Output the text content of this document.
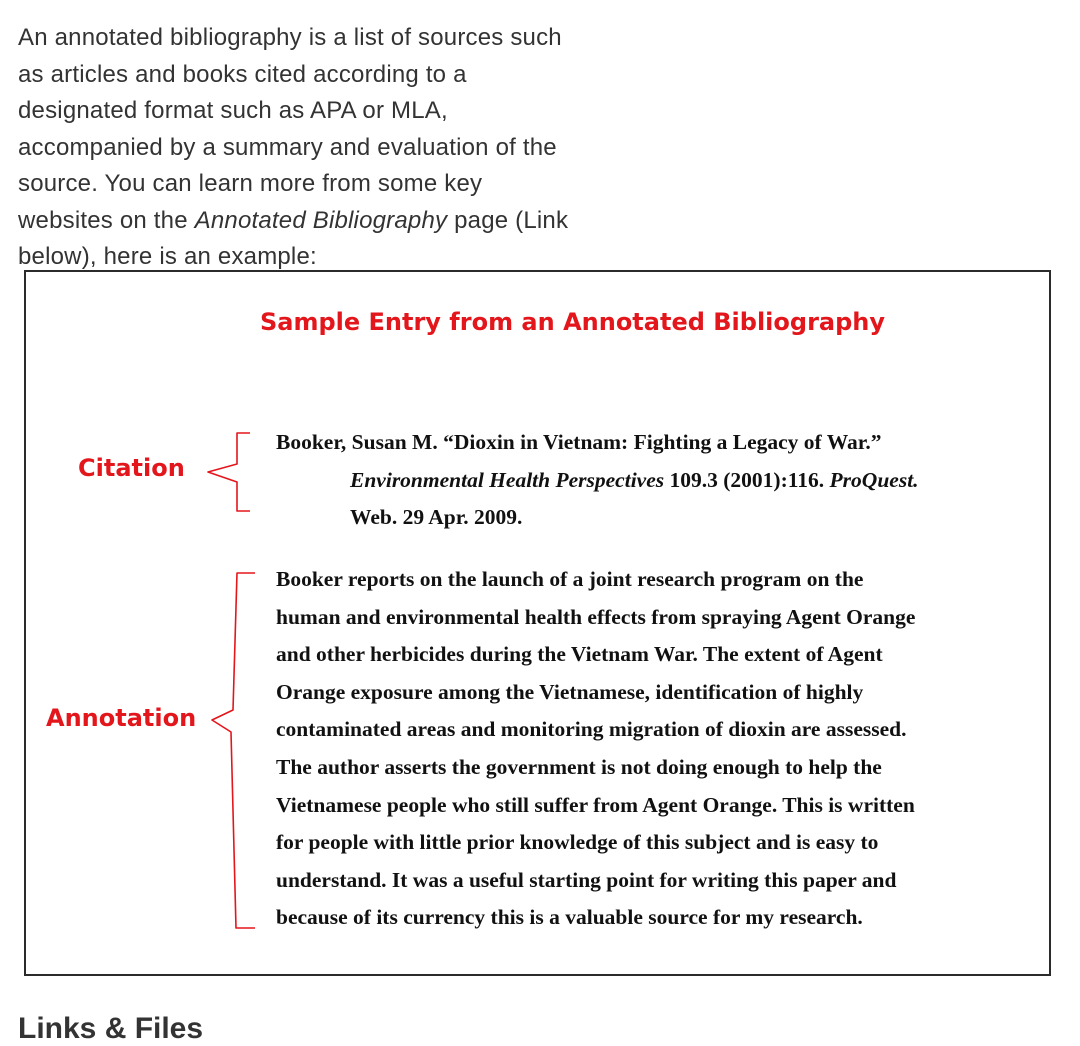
An annotated bibliography is a list of sources such as articles and books cited according to a designated format such as APA or MLA, accompanied by a summary and evaluation of the source. You can learn more from some key websites on the Annotated Bibliography page (Link below), here is an example:

Sample Entry from an Annotated Bibliography
Citation
Annotation
Booker, Susan M. “Dioxin in Vietnam: Fighting a Legacy of War.”
Environmental Health Perspectives 109.3 (2001):116. ProQuest.
Web. 29 Apr. 2009.
Booker reports on the launch of a joint research program on the
human and environmental health effects from spraying Agent Orange
and other herbicides during the Vietnam War. The extent of Agent
Orange exposure among the Vietnamese, identification of highly
contaminated areas and monitoring migration of dioxin are assessed.
The author asserts the government is not doing enough to help the
Vietnamese people who still suffer from Agent Orange. This is written
for people with little prior knowledge of this subject and is easy to
understand. It was a useful starting point for writing this paper and
because of its currency this is a valuable source for my research.
Links & Files
